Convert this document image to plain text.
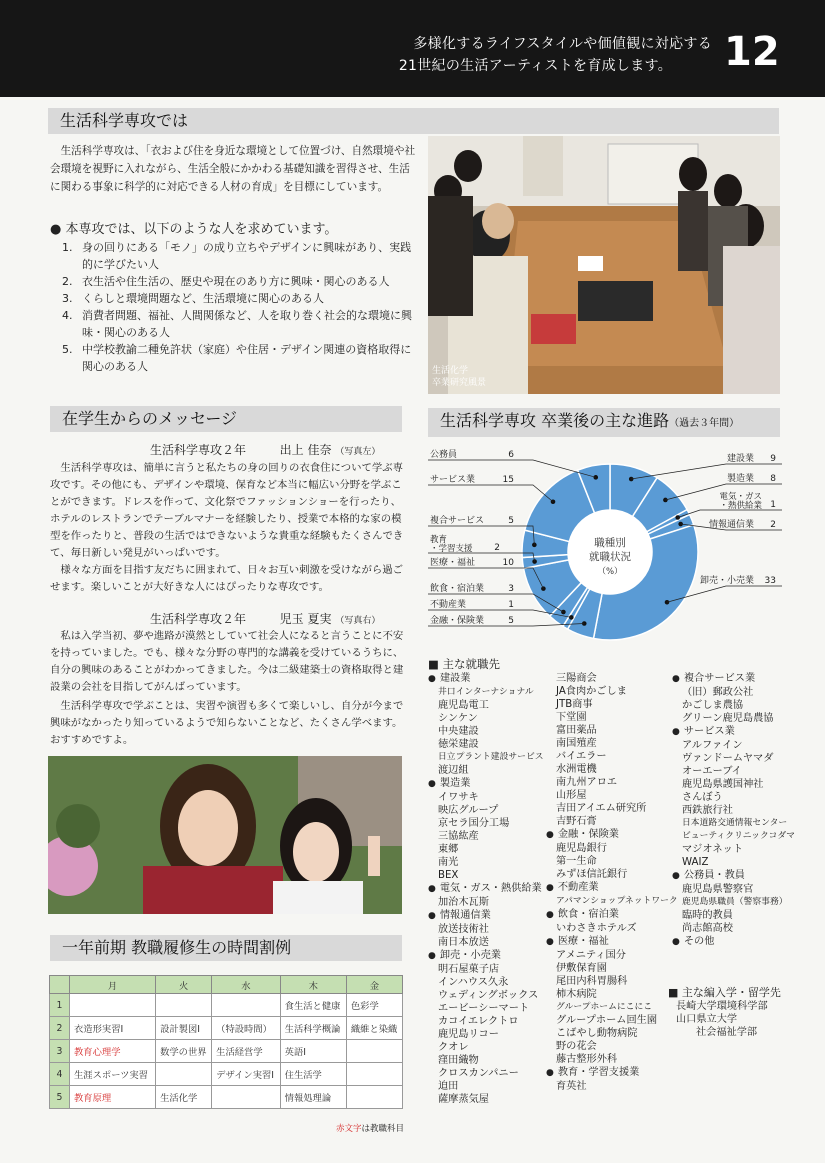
多様化するライフスタイルや価値観に対応する
21世紀の生活アーティストを育成します。 12
生活科学専攻では
生活科学専攻は、「衣および住を身近な環境として位置づけ、自然環境や社会環境を視野に入れながら、生活全般にかかわる基礎知識を習得させ、生活に関わる事象に科学的に対応できる人材の育成」を目標にしています。
● 本専攻では、以下のような人を求めています。
1. 身の回りにある「モノ」の成り立ちやデザインに興味があり、実践的に学びたい人
2. 衣生活や住生活の、歴史や現在のあり方に興味・関心のある人
3. くらしと環境問題など、生活環境に関心のある人
4. 消費者問題、福祉、人間関係など、人を取り巻く社会的な環境に興味・関心のある人
5. 中学校教諭二種免許状（家庭）や住居・デザイン関連の資格取得に関心のある人	生活化学
卒業研究風景
在学生からのメッセージ
生活科学専攻２年	出上 佳奈 （写真左）
生活科学専攻は、簡単に言うと私たちの身の回りの衣食住について学ぶ専攻です。その他にも、デザインや環境、保育など本当に幅広い分野を学ぶことができます。ドレスを作って、文化祭でファッションショーを行ったり、ホテルのレストランでテーブルマナーを経験したり、授業で本格的な家の模型を作ったりと、普段の生活ではできないような貴重な経験もたくさんできて、毎日新しい発見がいっぱいです。
様々な方面を目指す友だちに囲まれて、日々お互い刺激を受けながら過ごせます。楽しいことが大好きな人にはぴったりな専攻です。
生活科学専攻２年	児玉 夏実 （写真右）
私は入学当初、夢や進路が漠然としていて社会人になると言うことに不安を持っていました。でも、様々な分野の専門的な講義を受けているうちに、自分の興味のあることがわかってきました。今は二級建築士の資格取得と建設業の会社を目指してがんばっています。
生活科学専攻で学ぶことは、実習や演習も多くて楽しいし、自分が今まで興味がなかったり知っているようで知らないことなど、たくさん学べます。おすすめですよ。
一年前期 教職履修生の時間割例
	月	火	水	木	金
1				食生活と健康	色彩学
2	衣造形実習Ⅰ	設計製図Ⅰ	（特設時間）	生活科学概論	織維と染織
3	教育心理学	数学の世界	生活経営学	英語Ⅰ	
4	生涯スポーツ実習		デザイン実習Ⅰ	住生活学	
5	教育原理	生活化学		情報処理論	
赤文字は教職科目
生活科学専攻 卒業後の主な進路（過去３年間）
建設業 9
製造業 8
電気・ガス
・熱供給業 1
情報通信業 2
卸売・小売業 33
金融・保険業	5
不動産業	1
飲食・宿泊業	3
医療・福祉	10
教育
・学習支援 2
複合サービス	5
サービス業	15
公務員	6
職種別
就職状況
（%）
■ 主な就職先
● 建設業
井口インターナショナル
鹿児島電工
シンケン
中央建設
徳栄建設
日立プラント建設サービス
渡辺組
● 製造業
イワサキ
映広グループ
京セラ国分工場
三協紘産
東郷
南光
BEX
● 電気・ガス・熱供給業
加治木瓦斯
● 情報通信業
放送技術社
南日本放送
● 卸売・小売業
明石屋菓子店
インハウス久永
ウェディングボックス
エービーシーマート
カコイエレクトロ
鹿児島リコー
クオレ
窪田織物
クロスカンパニー
迫田
薩摩蒸気屋
三陽商会
JA食肉かごしま
JTB商事
下堂園
富田薬品
南国殖産
バイエラー
水洲電機
南九州アロエ
山形屋
吉田アイエム研究所
吉野石膏
● 金融・保険業
鹿児島銀行
第一生命
みずほ信託銀行
● 不動産業
アパマンショップネットワーク
● 飲食・宿泊業
いわさきホテルズ
● 医療・福祉
アメニティ国分
伊敷保育園
尾田内科胃腸科
柿木病院
グループホームにこにこ
グループホーム回生園
こばやし動物病院
野の花会
藤古整形外科
● 教育・学習支援業
育英社
● 複合サービス業
（旧）郵政公社
かごしま農協
グリーン鹿児島農協
● サービス業
アルファイン
ヴァンドームヤマダ
オーエーブイ
鹿児島県護国神社
さんぼう
西鉄旅行社
日本道路交通情報センター
ビューティクリニックコダマ
マジオネット
WAIZ
● 公務員・教員
鹿児島県警察官
鹿児島県職員（警察事務）
臨時的教員
尚志館高校
● その他
■ 主な編入学・留学先
長崎大学環境科学部
山口県立大学
社会福祉学部
